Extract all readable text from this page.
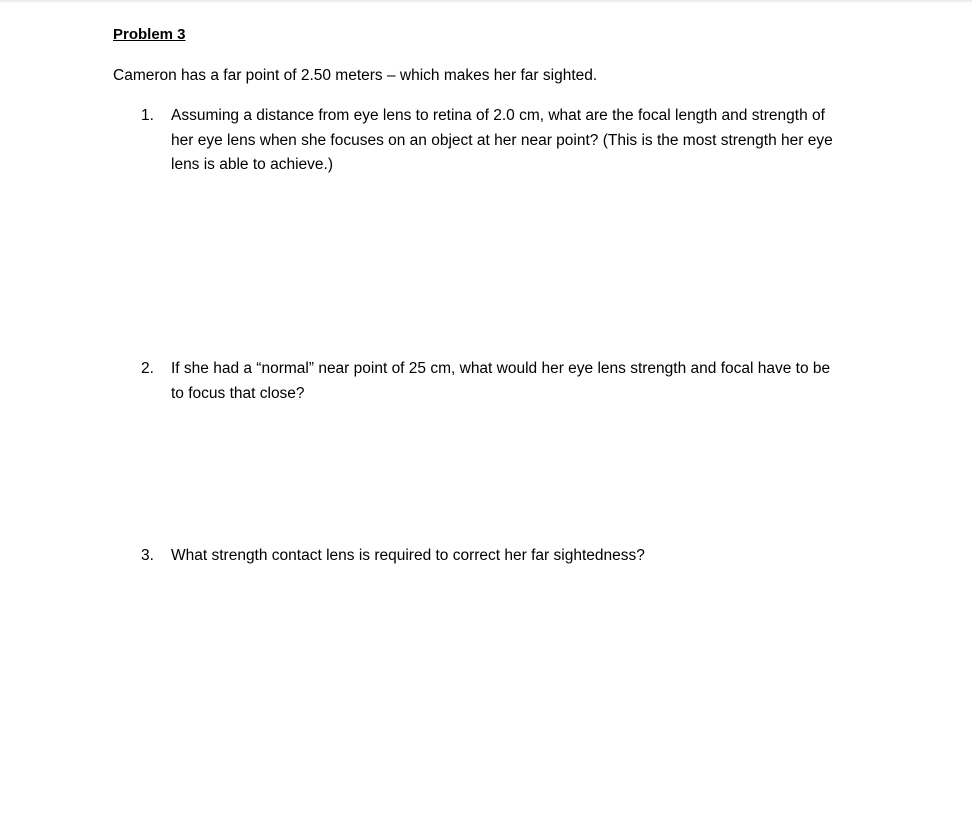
Problem 3
Cameron has a far point of 2.50 meters – which makes her far sighted.
1. Assuming a distance from eye lens to retina of 2.0 cm, what are the focal length and strength of her eye lens when she focuses on an object at her near point? (This is the most strength her eye lens is able to achieve.)
2. If she had a “normal” near point of 25 cm, what would her eye lens strength and focal have to be to focus that close?
3. What strength contact lens is required to correct her far sightedness?
